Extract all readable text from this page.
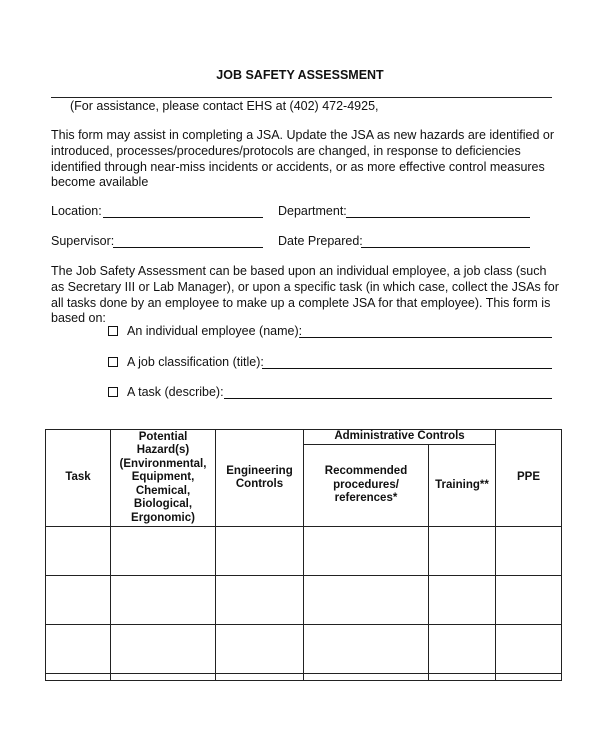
JOB SAFETY ASSESSMENT
(For assistance, please contact EHS at (402) 472-4925,
This form may assist in completing a JSA. Update the JSA as new hazards are identified or introduced, processes/procedures/protocols are changed, in response to deficiencies identified through near-miss incidents or accidents, or as more effective control measures become available
Location:	Department:
Supervisor:	Date Prepared:
The Job Safety Assessment can be based upon an individual employee, a job class (such as Secretary III or Lab Manager), or upon a specific task (in which case, collect the JSAs for all tasks done by an employee to make up a complete JSA for that employee). This form is based on:
An individual employee (name):
A job classification (title):
A task (describe):
Task	Potential Hazard(s) (Environmental, Equipment, Chemical, Biological, Ergonomic)	Engineering Controls	Administrative Controls		PPE
			Recommended procedures/ references*	Training**	
